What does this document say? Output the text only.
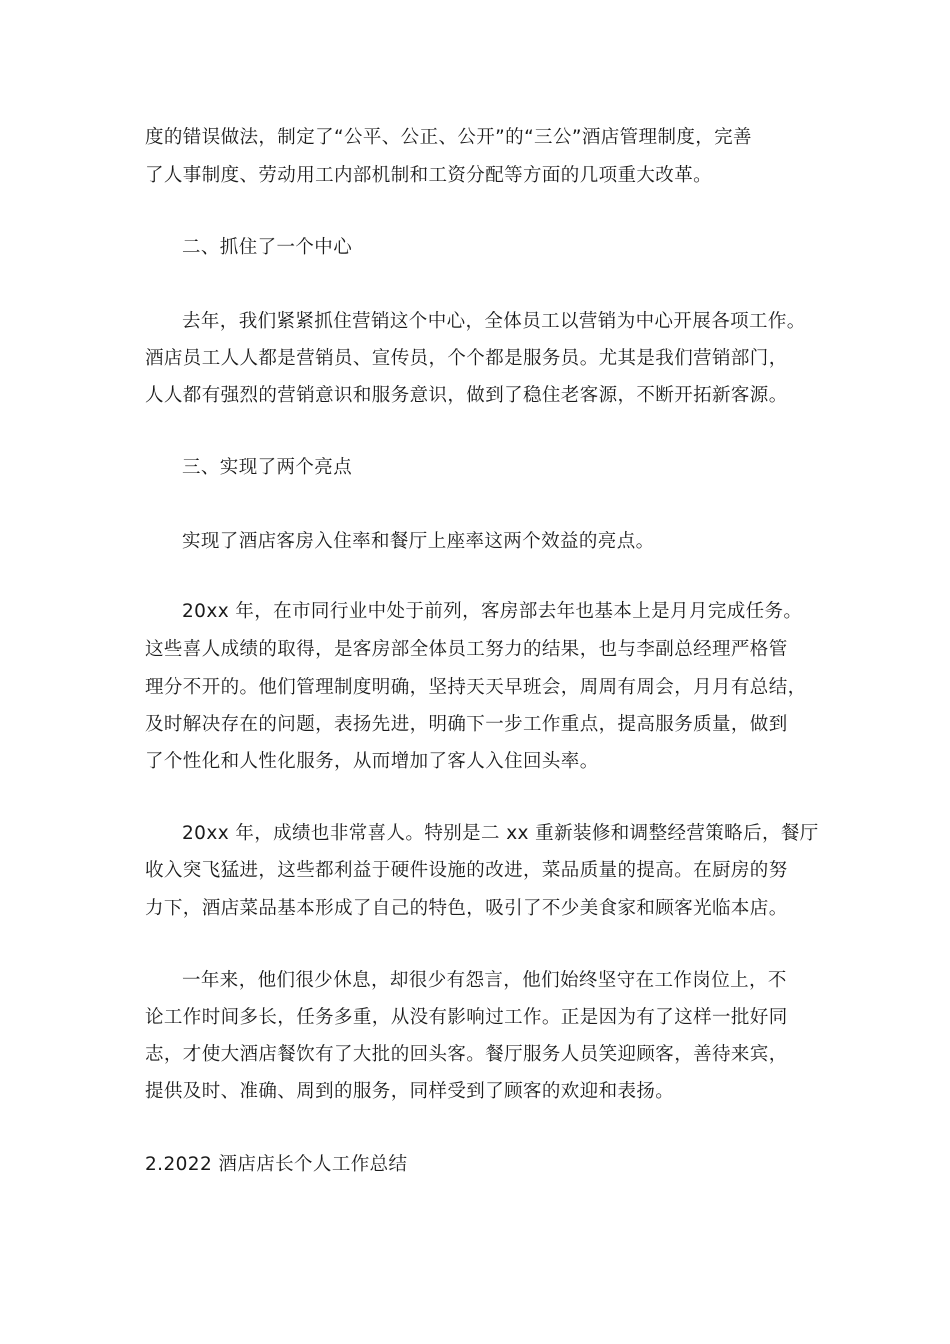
度的错误做法，制定了“公平、公正、公开”的“三公”酒店管理制度，完善
了人事制度、劳动用工内部机制和工资分配等方面的几项重大改革。
二、抓住了一个中心
去年，我们紧紧抓住营销这个中心，全体员工以营销为中心开展各项工作。
酒店员工人人都是营销员、宣传员，个个都是服务员。尤其是我们营销部门，
人人都有强烈的营销意识和服务意识，做到了稳住老客源，不断开拓新客源。
三、实现了两个亮点
实现了酒店客房入住率和餐厅上座率这两个效益的亮点。
20xx 年，在市同行业中处于前列，客房部去年也基本上是月月完成任务。
这些喜人成绩的取得，是客房部全体员工努力的结果，也与李副总经理严格管
理分不开的。他们管理制度明确，坚持天天早班会，周周有周会，月月有总结，
及时解决存在的问题，表扬先进，明确下一步工作重点，提高服务质量，做到
了个性化和人性化服务，从而增加了客人入住回头率。
20xx 年，成绩也非常喜人。特别是二 xx 重新装修和调整经营策略后，餐厅
收入突飞猛进，这些都利益于硬件设施的改进，菜品质量的提高。在厨房的努
力下，酒店菜品基本形成了自己的特色，吸引了不少美食家和顾客光临本店。
一年来，他们很少休息，却很少有怨言，他们始终坚守在工作岗位上，不
论工作时间多长，任务多重，从没有影响过工作。正是因为有了这样一批好同
志，才使大酒店餐饮有了大批的回头客。餐厅服务人员笑迎顾客，善待来宾，
提供及时、准确、周到的服务，同样受到了顾客的欢迎和表扬。
2.2022 酒店店长个人工作总结
